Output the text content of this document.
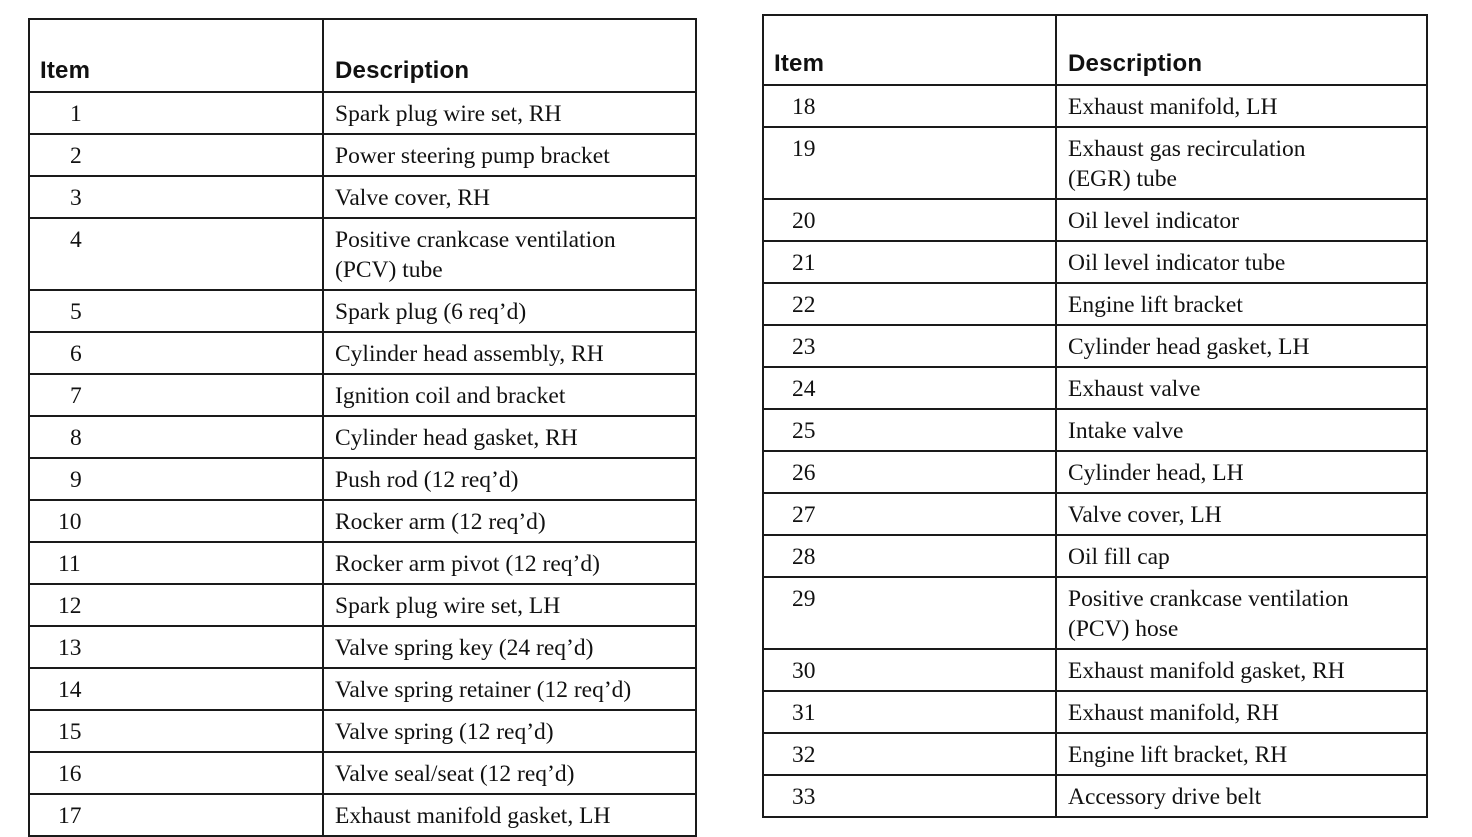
Item	Description
1	Spark plug wire set, RH
2	Power steering pump bracket
3	Valve cover, RH
4	Positive crankcase ventilation
(PCV) tube

5	Spark plug (6 req’d)
6	Cylinder head assembly, RH
7	Ignition coil and bracket
8	Cylinder head gasket, RH
9	Push rod (12 req’d)
10	Rocker arm (12 req’d)
11	Rocker arm pivot (12 req’d)
12	Spark plug wire set, LH
13	Valve spring key (24 req’d)
14	Valve spring retainer (12 req’d)
15	Valve spring (12 req’d)
16	Valve seal/seat (12 req’d)
17	Exhaust manifold gasket, LH
Item	Description
18	Exhaust manifold, LH
19	Exhaust gas recirculation
(EGR) tube

20	Oil level indicator
21	Oil level indicator tube
22	Engine lift bracket
23	Cylinder head gasket, LH
24	Exhaust valve
25	Intake valve
26	Cylinder head, LH
27	Valve cover, LH
28	Oil fill cap
29	Positive crankcase ventilation
(PCV) hose

30	Exhaust manifold gasket, RH
31	Exhaust manifold, RH
32	Engine lift bracket, RH
33	Accessory drive belt
